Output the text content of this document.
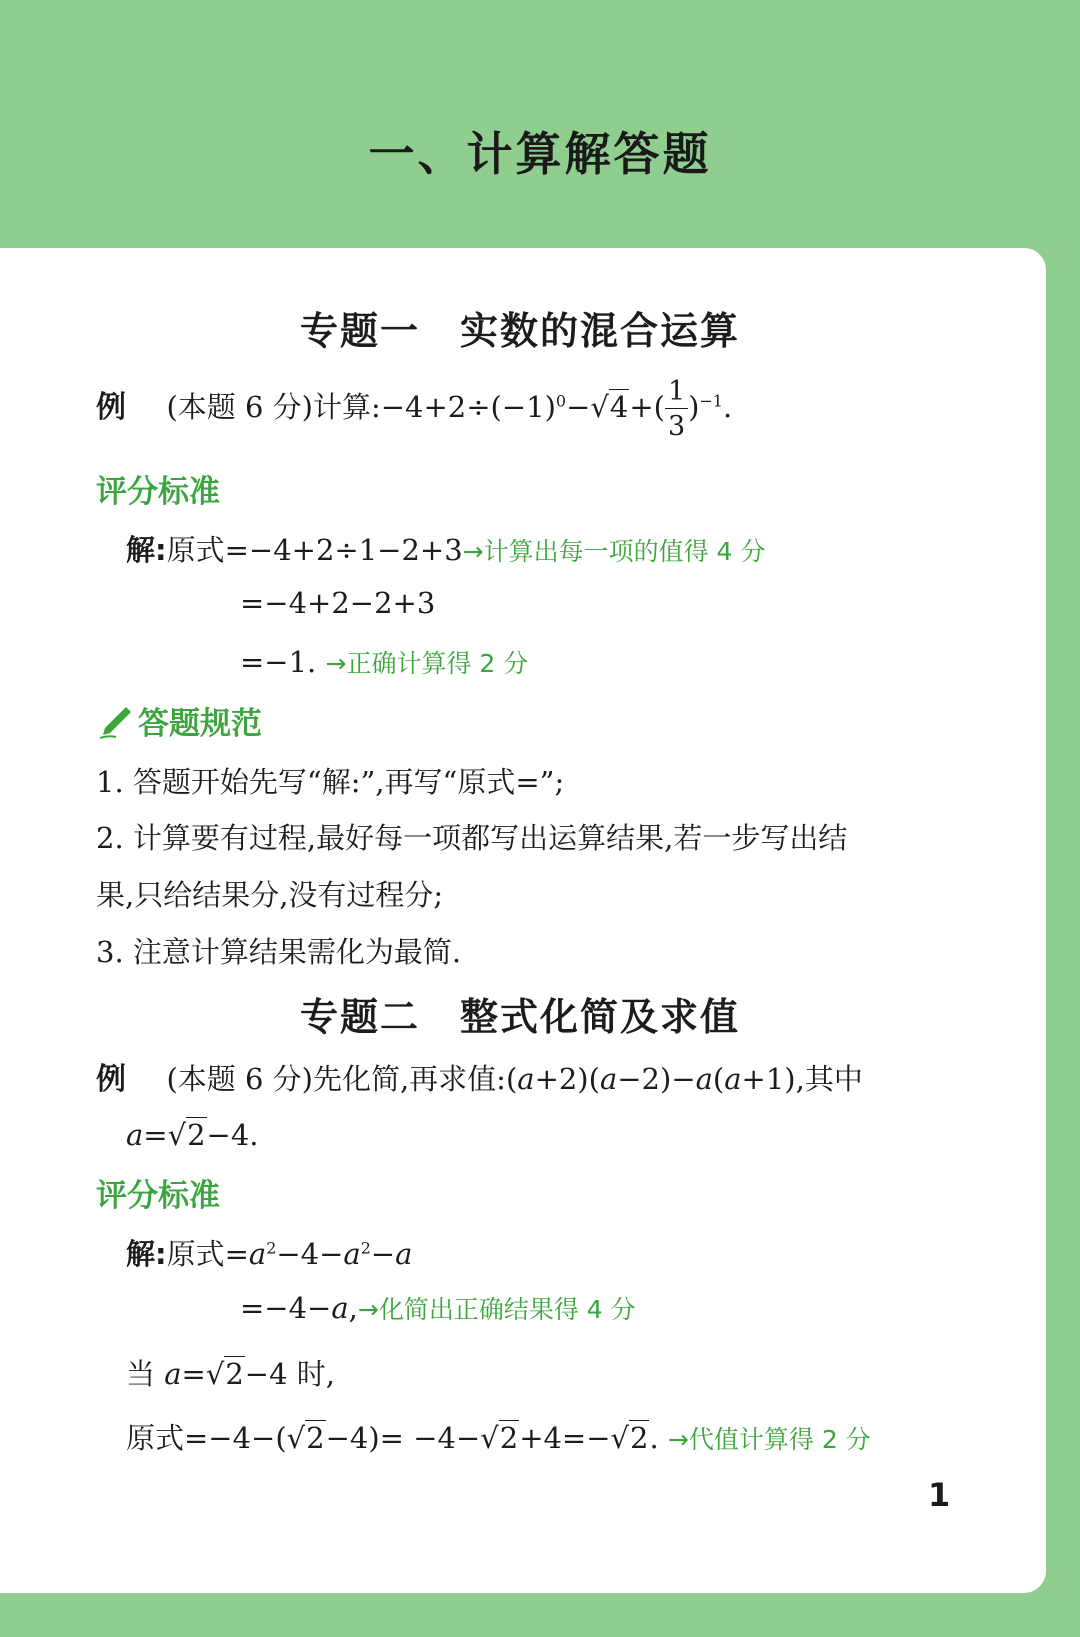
一、计算解答题
专题一　实数的混合运算
例 (本题 6 分)计算$:-4+2\div(-1)^0-√4+( \frac{1}{3} )^{-1}$.
评分标准
解:原式=−4+2÷1−2+3→计算出每一项的值得 4 分
=−4+2−2+3
=−1. →正确计算得 2 分
答题规范
1. 答题开始先写“解:”,再写“原式=”;
2. 计算要有过程,最好每一项都写出运算结果,若一步写出结
果,只给结果分,没有过程分;
3. 注意计算结果需化为最简.
专题二　整式化简及求值
例 (本题 6 分)先化简,再求值:(a+2)(a−2)−a(a+1),其中
a=√2−4.
评分标准
解:原式$=a^2-4-a^2-a$
=−4−a,→化简出正确结果得 4 分
当 a=√2−4 时,
原式=−4−(√2−4)= −4−√2+4=−√2. →代值计算得 2 分
1
